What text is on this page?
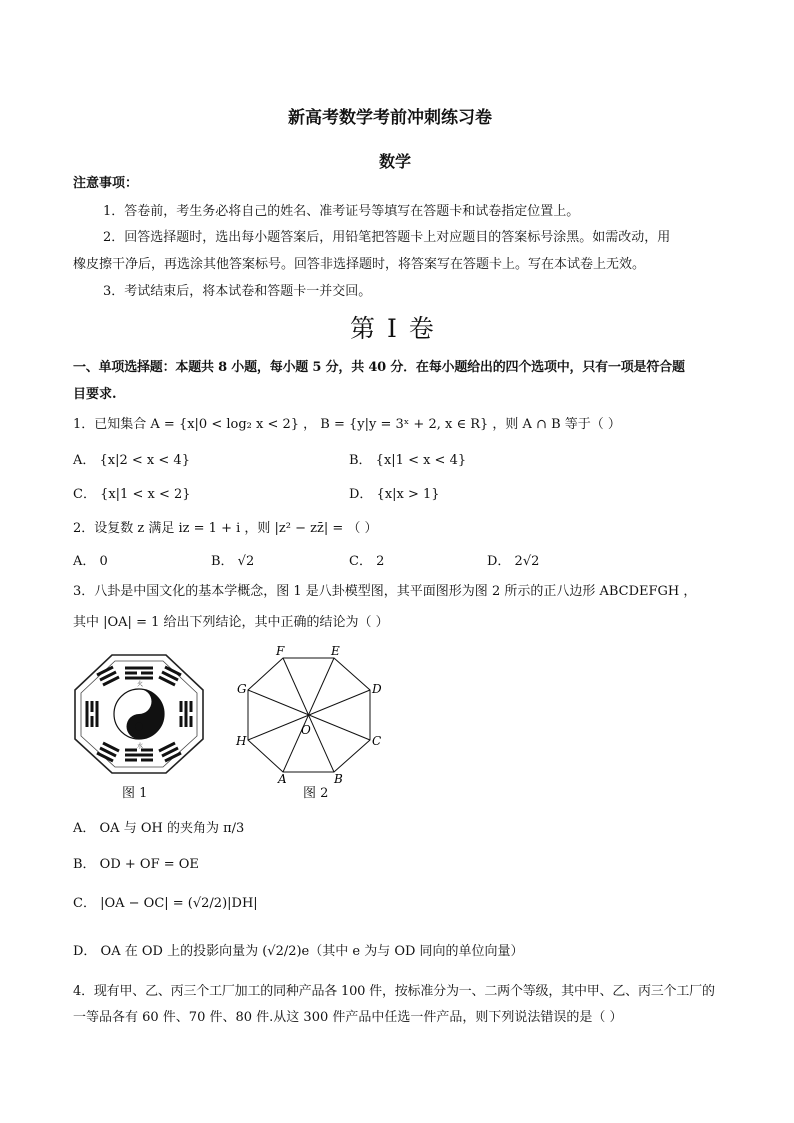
新高考数学考前冲刺练习卷
数学
注意事项：
1．答卷前，考生务必将自己的姓名、准考证号等填写在答题卡和试卷指定位置上。
2．回答选择题时，选出每小题答案后，用铅笔把答题卡上对应题目的答案标号涂黑。如需改动，用
橡皮擦干净后，再选涂其他答案标号。回答非选择题时，将答案写在答题卡上。写在本试卷上无效。
3．考试结束后，将本试卷和答题卡一并交回。
第 I 卷
一、单项选择题：本题共 8 小题，每小题 5 分，共 40 分．在每小题给出的四个选项中，只有一项是符合题
目要求.
1．已知集合 A = {x|0 < log₂ x < 2} ， B = {y|y = 3ˣ + 2, x ∈ R} ，则 A ∩ B 等于（ ）
A． {x|2 < x < 4}	B． {x|1 < x < 4}
C． {x|1 < x < 2}	D． {x|x > 1}
2．设复数 z 满足 iz = 1 + i ，则 |z² − zz̄| = （ ）
A． 0	B． √2	C． 2	D． 2√2
3．八卦是中国文化的基本学概念，图 1 是八卦模型图，其平面图形为图 2 所示的正八边形 ABCDEFGH ，
其中 |OA| = 1 给出下列结论，其中正确的结论为（ ）
火
水
图 1
A	B
C
D
E
F
G
H
O
图 2
A． OA 与 OH 的夹角为 π/3
B． OD + OF = OE
C． |OA − OC| = (√2/2)|DH|
D． OA 在 OD 上的投影向量为 (√2/2)e（其中 e 为与 OD 同向的单位向量）
4．现有甲、乙、丙三个工厂加工的同种产品各 100 件，按标准分为一、二两个等级，其中甲、乙、丙三个工厂的
一等品各有 60 件、70 件、80 件.从这 300 件产品中任选一件产品，则下列说法错误的是（ ）
